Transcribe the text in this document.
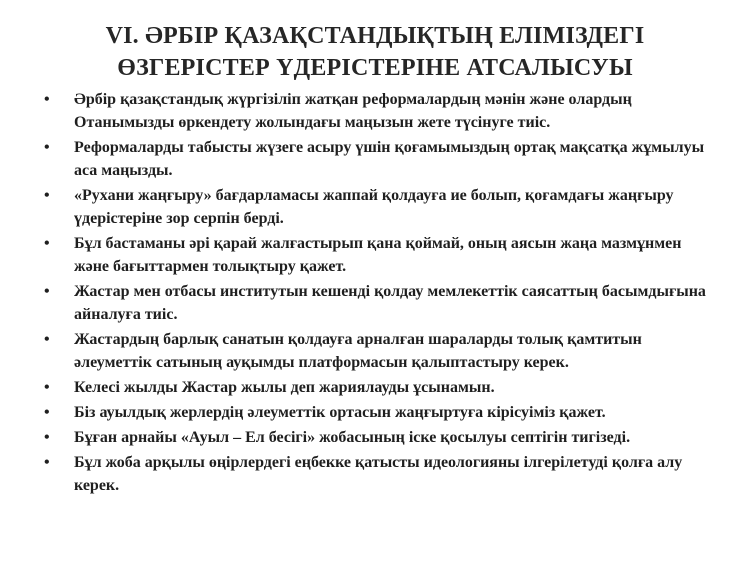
VI. ӘРБІР ҚАЗАҚСТАНДЫҚТЫҢ ЕЛІМІЗДЕГІ
ӨЗГЕРІСТЕР ҮДЕРІСТЕРІНЕ АТСАЛЫСУЫ
• Әрбір қазақстандық жүргізіліп жатқан реформалардың мәнін және олардың Отанымызды өркендету жолындағы маңызын жете түсінуге тиіс.
• Реформаларды табысты жүзеге асыру үшін қоғамымыздың ортақ мақсатқа жұмылуы аса маңызды.
• «Рухани жаңғыру» бағдарламасы жаппай қолдауға ие болып, қоғамдағы жаңғыру үдерістеріне зор серпін берді.
• Бұл бастаманы әрі қарай жалғастырып қана қоймай, оның аясын жаңа мазмұнмен және бағыттармен толықтыру қажет.
• Жастар мен отбасы институтын кешенді қолдау мемлекеттік саясаттың басымдығына айналуға тиіс.
• Жастардың барлық санатын қолдауға арналған шараларды толық қамтитын әлеуметтік сатының ауқымды платформасын қалыптастыру керек.
• Келесі жылды Жастар жылы деп жариялауды ұсынамын.
• Біз ауылдық жерлердің әлеуметтік ортасын жаңғыртуға кірісуіміз қажет.
• Бұған арнайы «Ауыл – Ел бесігі» жобасының іске қосылуы септігін тигізеді.
• Бұл жоба арқылы өңірлердегі еңбекке қатысты идеологияны ілгерілетуді қолға алу керек.
